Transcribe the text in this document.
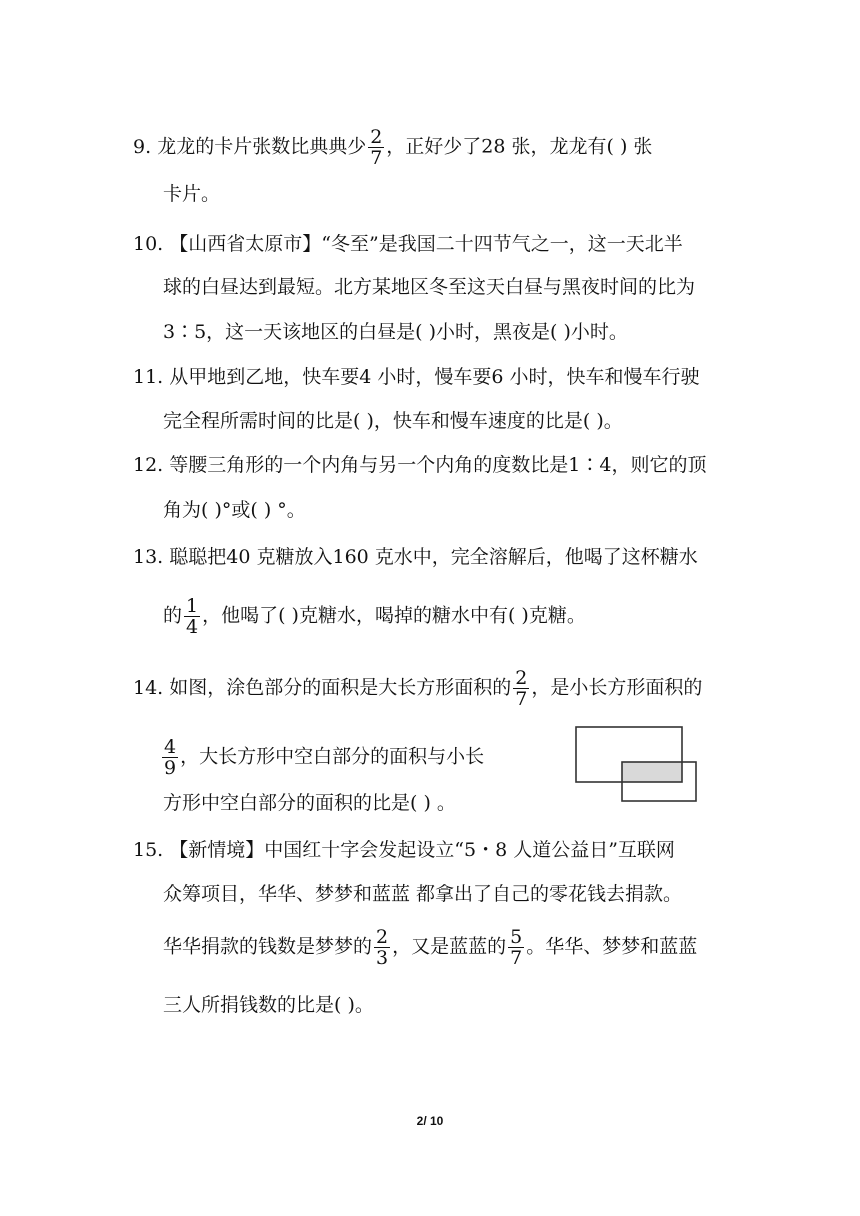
9. 龙龙的卡片张数比典典少 $\frac{2}{7}$ ，正好少了28 张，龙龙有( ) 张
卡片。
10. 【山西省太原市】“冬至”是我国二十四节气之一，这一天北半
球的白昼达到最短。北方某地区冬至这天白昼与黑夜时间的比为
3∶5，这一天该地区的白昼是( )小时，黑夜是( )小时。
11. 从甲地到乙地，快车要4 小时，慢车要6 小时，快车和慢车行驶
完全程所需时间的比是( )，快车和慢车速度的比是( )。
12. 等腰三角形的一个内角与另一个内角的度数比是1∶4，则它的顶
角为( )°或( ) °。
13. 聪聪把40 克糖放入160 克水中，完全溶解后，他喝了这杯糖水
的 $\frac{1}{4}$ ，他喝了( )克糖水，喝掉的糖水中有( )克糖。
14. 如图，涂色部分的面积是大长方形面积的 $\frac{2}{7}$ ，是小长方形面积的
$\frac{4}{9}$ ，大长方形中空白部分的面积与小长
方形中空白部分的面积的比是( ) 。
15. 【新情境】中国红十字会发起设立“5・8 人道公益日”互联网
众筹项目，华华、梦梦和蓝蓝 都拿出了自己的零花钱去捐款。
华华捐款的钱数是梦梦的 $\frac{2}{3}$ ，又是蓝蓝的 $\frac{5}{7}$ 。华华、梦梦和蓝蓝
三人所捐钱数的比是( )。
2/ 10
